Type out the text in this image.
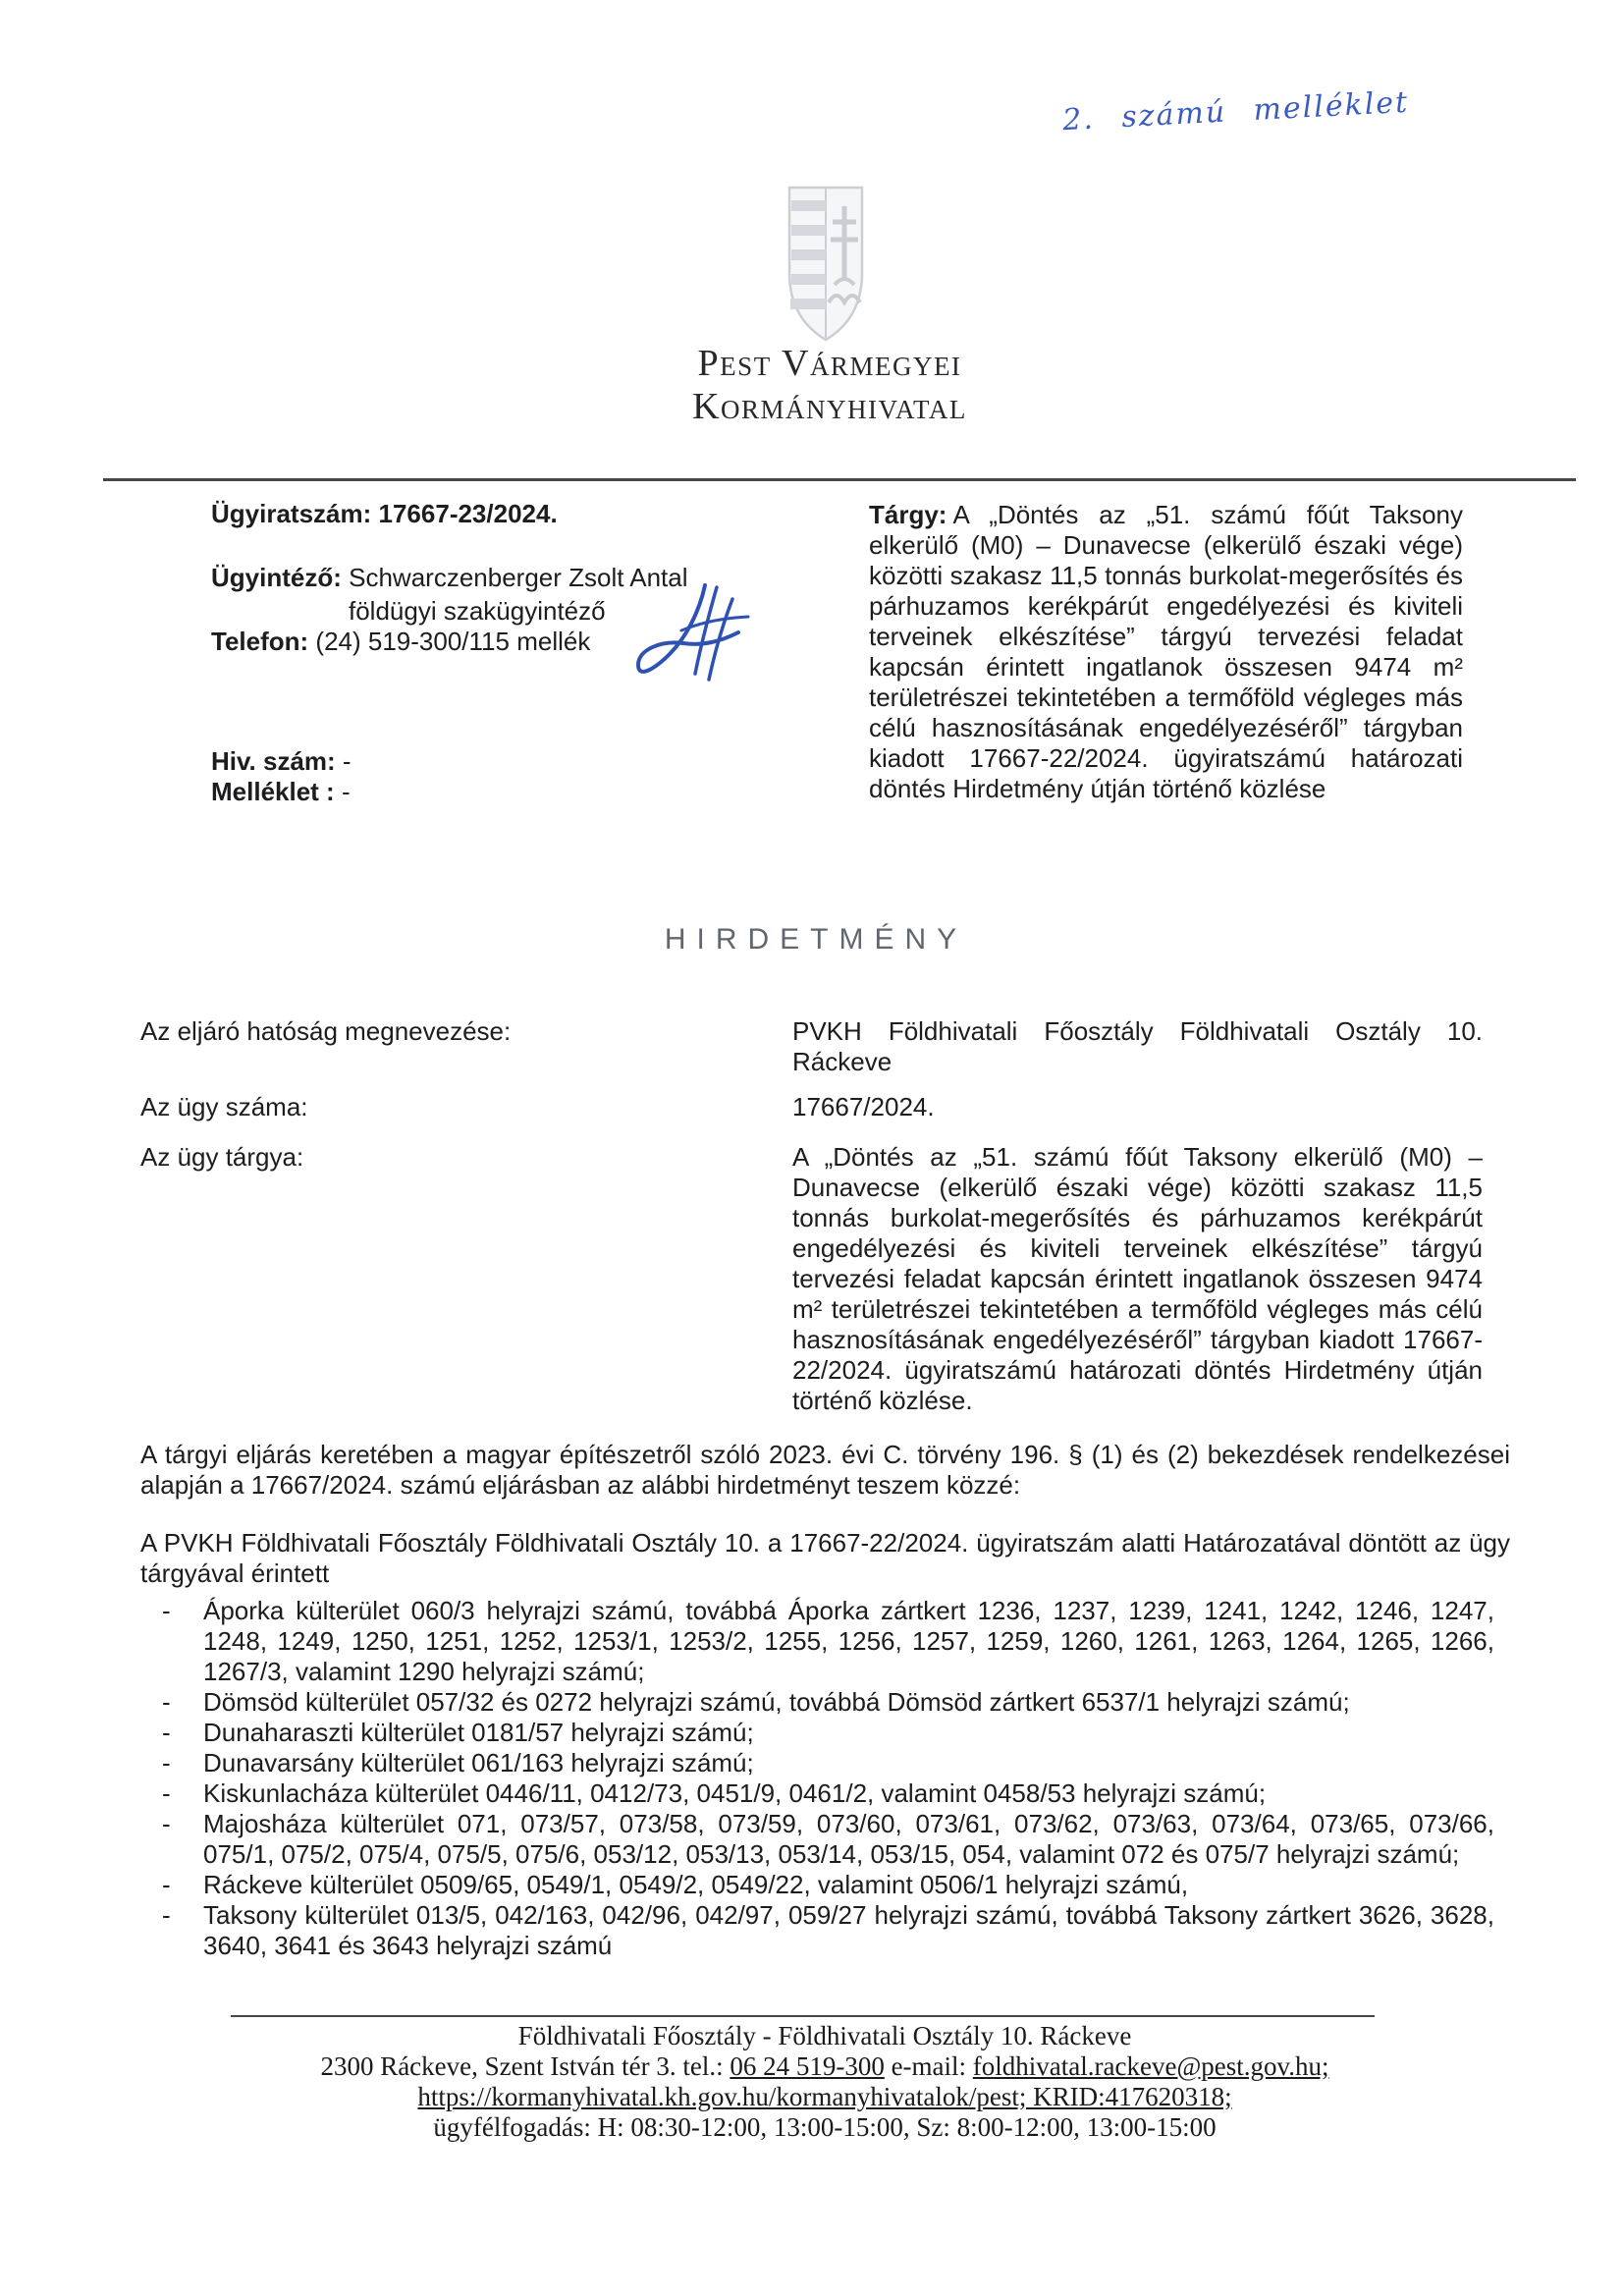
2. számú melléklet
Pest Vármegyei
Kormányhivatal
Ügyiratszám: 17667-23/2024.
Ügyintéző: Schwarczenberger Zsolt Antal
földügyi szakügyintéző
Telefon: (24) 519-300/115 mellék
Hiv. szám: -
Melléklet : -
Tárgy: A „Döntés az „51. számú főút Taksony elkerülő (M0) – Dunavecse (elkerülő északi vége) közötti szakasz 11,5 tonnás burkolat-megerősítés és párhuzamos kerékpárút engedélyezési és kiviteli terveinek elkészítése” tárgyú tervezési feladat kapcsán érintett ingatlanok összesen 9474 m² területrészei tekintetében a termőföld végleges más célú hasznosításának engedélyezéséről” tárgyban kiadott 17667-22/2024. ügyiratszámú határozati döntés Hirdetmény útján történő közlése
HIRDETMÉNY
Az eljáró hatóság megnevezése:	PVKH Földhivatali Főosztály Földhivatali Osztály 10. Ráckeve
Az ügy száma:	17667/2024.
Az ügy tárgya:	A „Döntés az „51. számú főút Taksony elkerülő (M0) – Dunavecse (elkerülő északi vége) közötti szakasz 11,5 tonnás burkolat-megerősítés és párhuzamos kerékpárút engedélyezési és kiviteli terveinek elkészítése” tárgyú tervezési feladat kapcsán érintett ingatlanok összesen 9474 m² területrészei tekintetében a termőföld végleges más célú hasznosításának engedélyezéséről” tárgyban kiadott 17667-22/2024. ügyiratszámú határozati döntés Hirdetmény útján történő közlése.
A tárgyi eljárás keretében a magyar építészetről szóló 2023. évi C. törvény 196. § (1) és (2) bekezdések rendelkezései alapján a 17667/2024. számú eljárásban az alábbi hirdetményt teszem közzé:
A PVKH Földhivatali Főosztály Földhivatali Osztály 10. a 17667-22/2024. ügyiratszám alatti Határozatával döntött az ügy tárgyával érintett
-	Áporka külterület 060/3 helyrajzi számú, továbbá Áporka zártkert 1236, 1237, 1239, 1241, 1242, 1246, 1247, 1248, 1249, 1250, 1251, 1252, 1253/1, 1253/2, 1255, 1256, 1257, 1259, 1260, 1261, 1263, 1264, 1265, 1266, 1267/3, valamint 1290 helyrajzi számú;
-	Dömsöd külterület 057/32 és 0272 helyrajzi számú, továbbá Dömsöd zártkert 6537/1 helyrajzi számú;
-	Dunaharaszti külterület 0181/57 helyrajzi számú;
-	Dunavarsány külterület 061/163 helyrajzi számú;
-	Kiskunlacháza külterület 0446/11, 0412/73, 0451/9, 0461/2, valamint 0458/53 helyrajzi számú;
-	Majosháza külterület 071, 073/57, 073/58, 073/59, 073/60, 073/61, 073/62, 073/63, 073/64, 073/65, 073/66, 075/1, 075/2, 075/4, 075/5, 075/6, 053/12, 053/13, 053/14, 053/15, 054, valamint 072 és 075/7 helyrajzi számú;
-	Ráckeve külterület 0509/65, 0549/1, 0549/2, 0549/22, valamint 0506/1 helyrajzi számú,
-	Taksony külterület 013/5, 042/163, 042/96, 042/97, 059/27 helyrajzi számú, továbbá Taksony zártkert 3626, 3628, 3640, 3641 és 3643 helyrajzi számú
Földhivatali Főosztály - Földhivatali Osztály 10. Ráckeve
2300 Ráckeve, Szent István tér 3. tel.: 06 24 519-300 e-mail: foldhivatal.rackeve@pest.gov.hu;
https://kormanyhivatal.kh.gov.hu/kormanyhivatalok/pest; KRID:417620318;
ügyfélfogadás: H: 08:30-12:00, 13:00-15:00, Sz: 8:00-12:00, 13:00-15:00
